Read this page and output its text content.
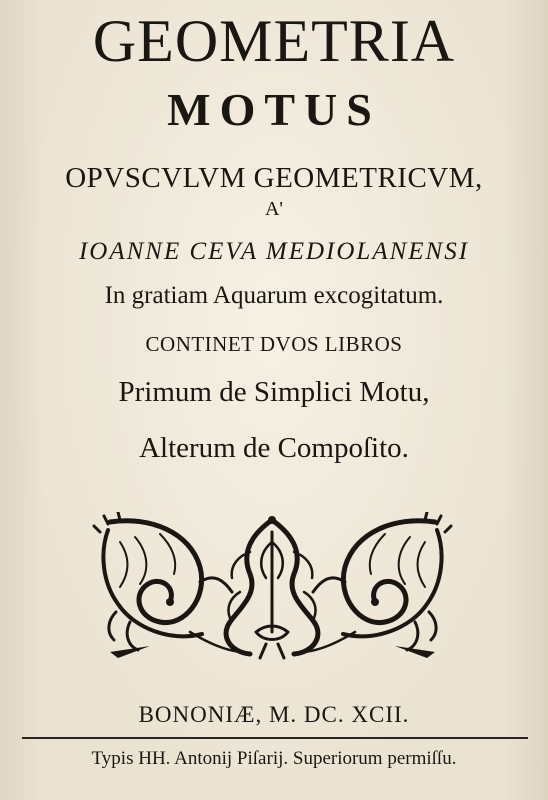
GEOMETRIA
MOTUS

OPVSCVLVM GEOMETRICVM,

A'

IOANNE CEVA MEDIOLANENSI

In gratiam Aquarum excogitatum.

CONTINET DVOS LIBROS

Primum de Simplici Motu,

Alterum de Compoſito.

BONONIÆ, M. DC. XCII.

Typis HH. Antonij Piſarij. Superiorum permiſſu.
